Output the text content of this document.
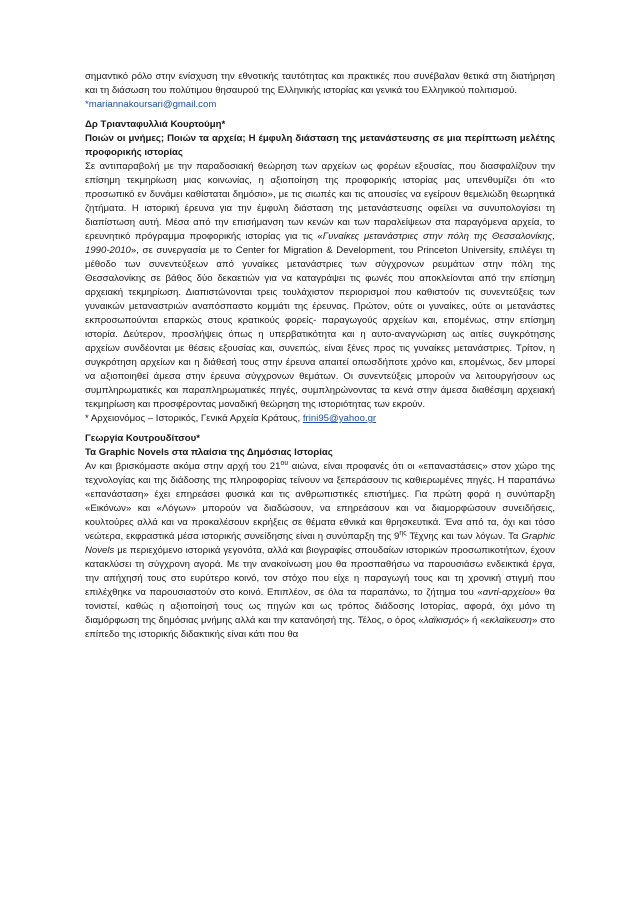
σημαντικό ρόλο στην ενίσχυση την εθνοτικής ταυτότητας και πρακτικές που συνέβαλαν θετικά στη διατήρηση και τη διάσωση του πολύτιμου θησαυρού της Ελληνικής ιστορίας και γενικά του Ελληνικού πολιτισμού.

*mariannakoursari@gmail.com

Δρ Τριανταφυλλιά Κουρτούμη*

Ποιών οι μνήμες; Ποιών τα αρχεία; Η έμφυλη διάσταση της μετανάστευσης σε μια περίπτωση μελέτης προφορικής ιστορίας

Σε αντιπαραβολή με την παραδοσιακή θεώρηση των αρχείων ως φορέων εξουσίας, που διασφαλίζουν την επίσημη τεκμηρίωση μιας κοινωνίας, η αξιοποίηση της προφορικής ιστορίας μας υπενθυμίζει ότι «το προσωπικό εν δυνάμει καθίσταται δημόσιο», με τις σιωπές και τις απουσίες να εγείρουν θεμελιώδη θεωρητικά ζητήματα. Η ιστορική έρευνα για την έμφυλη διάσταση της μετανάστευσης οφείλει να συνυπολογίσει τη διαπίστωση αυτή. Μέσα από την επισήμανση των κενών και των παραλείψεων στα παραγόμενα αρχεία, το ερευνητικό πρόγραμμα προφορικής ιστορίας για τις «Γυναίκες μετανάστριες στην πόλη της Θεσσαλονίκης, 1990-2010», σε συνεργασία με το Center for Migration & Development, του Princeton University, επιλέγει τη μέθοδο των συνεντεύξεων από γυναίκες μετανάστριες των σύγχρονων ρευμάτων στην πόλη της Θεσσαλονίκης σε βάθος δύο δεκαετιών για να καταγράψει τις φωνές που αποκλείονται από την επίσημη αρχειακή τεκμηρίωση. Διαπιστώνονται τρεις τουλάχιστον περιορισμοί που καθιστούν τις συνεντεύξεις των γυναικών μεταναστριών αναπόσπαστο κομμάτι της έρευνας. Πρώτον, ούτε οι γυναίκες, ούτε οι μετανάστες εκπροσωπούνται επαρκώς στους κρατικούς φορείς- παραγωγούς αρχείων και, επομένως, στην επίσημη ιστορία. Δεύτερον, προσλήψεις όπως η υπερβατικότητα και η αυτο-αναγνώριση ως αιτίες συγκρότησης αρχείων συνδέονται με θέσεις εξουσίας και, συνεπώς, είναι ξένες προς τις γυναίκες μετανάστριες. Τρίτον, η συγκρότηση αρχείων και η διάθεσή τους στην έρευνα απαιτεί οπωσδήποτε χρόνο και, επομένως, δεν μπορεί να αξιοποιηθεί άμεσα στην έρευνα σύγχρονων θεμάτων. Οι συνεντεύξεις μπορούν να λειτουργήσουν ως συμπληρωματικές και παραπληρωματικές πηγές, συμπληρώνοντας τα κενά στην άμεσα διαθέσιμη αρχειακή τεκμηρίωση και προσφέροντας μοναδική θεώρηση της ιστοριότητας των εκρούν.

* Αρχειονόμος – Ιστορικός, Γενικά Αρχεία Κράτους, frini95@yahoo.gr

Γεωργία Κουτρουδίτσου*

Τα Graphic Novels στα πλαίσια της Δημόσιας Ιστορίας

Αν και βρισκόμαστε ακόμα στην αρχή του $21^{o\upsilon}$ αιώνα, είναι προφανές ότι οι «επαναστάσεις» στον χώρο της τεχνολογίας και της διάδοσης της πληροφορίας τείνουν να ξεπεράσουν τις καθιερωμένες πηγές. Η παραπάνω «επανάσταση» έχει επηρεάσει φυσικά και τις ανθρωπιστικές επιστήμες. Για πρώτη φορά η συνύπαρξη «Εικόνων» και «Λόγων» μπορούν να διαδώσουν, να επηρεάσουν και να διαμορφώσουν συνειδήσεις, κουλτούρες αλλά και να προκαλέσουν εκρήξεις σε θέματα εθνικά και θρησκευτικά. Ένα από τα, όχι και τόσο νεώτερα, εκφραστικά μέσα ιστορικής συνείδησης είναι η συνύπαρξη της $9^{\eta\varsigma}$ Τέχνης και των λόγων. Τα Graphic Novels με περιεχόμενο ιστορικά γεγονότα, αλλά και βιογραφίες σπουδαίων ιστορικών προσωπικοτήτων, έχουν κατακλύσει τη σύγχρονη αγορά. Με την ανακοίνωση μου θα προσπαθήσω να παρουσιάσω ενδεικτικά έργα, την απήχησή τους στο ευρύτερο κοινό, τον στόχο που είχε η παραγωγή τους και τη χρονική στιγμή που επιλέχθηκε να παρουσιαστούν στο κοινό. Επιπλέον, σε όλα τα παραπάνω, το ζήτημα του «αντί-αρχείου» θα τονιστεί, καθώς η αξιοποίησή τους ως πηγών και ως τρόπος διάδοσης Ιστορίας, αφορά, όχι μόνο τη διαμόρφωση της δημόσιας μνήμης αλλά και την κατανόησή της. Τέλος, ο όρος «λαϊκισμός» ή «εκλαϊκευση» στο επίπεδο της ιστορικής διδακτικής είναι κάτι που θα
